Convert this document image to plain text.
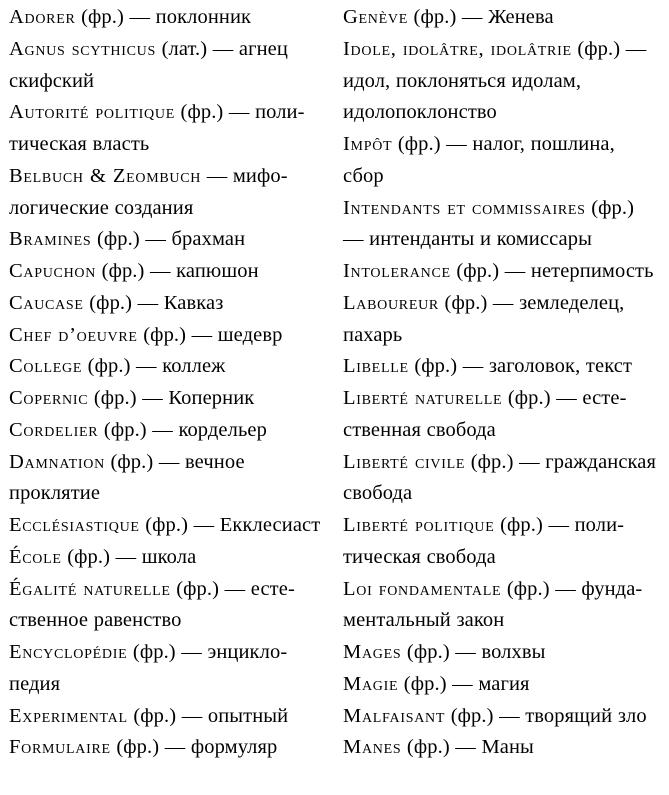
Adorer (фр.) — поклонник

Agnus scythicus (лат.) — агнец скифский

Autorité politique (фр.) — политическая власть

Belbuch & Zeombuch — мифологические создания

Bramines (фр.) — брахман

Capuchon (фр.) — капюшон

Caucase (фр.) — Кавказ

Chef d’oeuvre (фр.) — шедевр

College (фр.) — коллеж

Copernic (фр.) — Коперник

Cordelier (фр.) — кордельер

Damnation (фр.) — вечное проклятие

Ecclésiastique (фр.) — Екклесиаст

École (фр.) — школа

Égalité naturelle (фр.) — естественное равенство

Encyclopédie (фр.) — энциклопедия

Experimental (фр.) — опытный

Formulaire (фр.) — формуляр

Genève (фр.) — Женева

Idole, idolâtre, idolâtrie (фр.) — идол, поклоняться идолам, идолопоклонство

Impôt (фр.) — налог, пошлина, сбор

Intendants et commissaires (фр.) — интенданты и комиссары

Intolerance (фр.) — нетерпимость

Laboureur (фр.) — земледелец, пахарь

Libelle (фр.) — заголовок, текст

Liberté naturelle (фр.) — естественная свобода

Liberté civile (фр.) — гражданская свобода

Liberté politique (фр.) — политическая свобода

Loi fondamentale (фр.) — фундаментальный закон

Mages (фр.) — волхвы

Magie (фр.) — магия

Malfaisant (фр.) — творящий зло

Manes (фр.) — Маны
